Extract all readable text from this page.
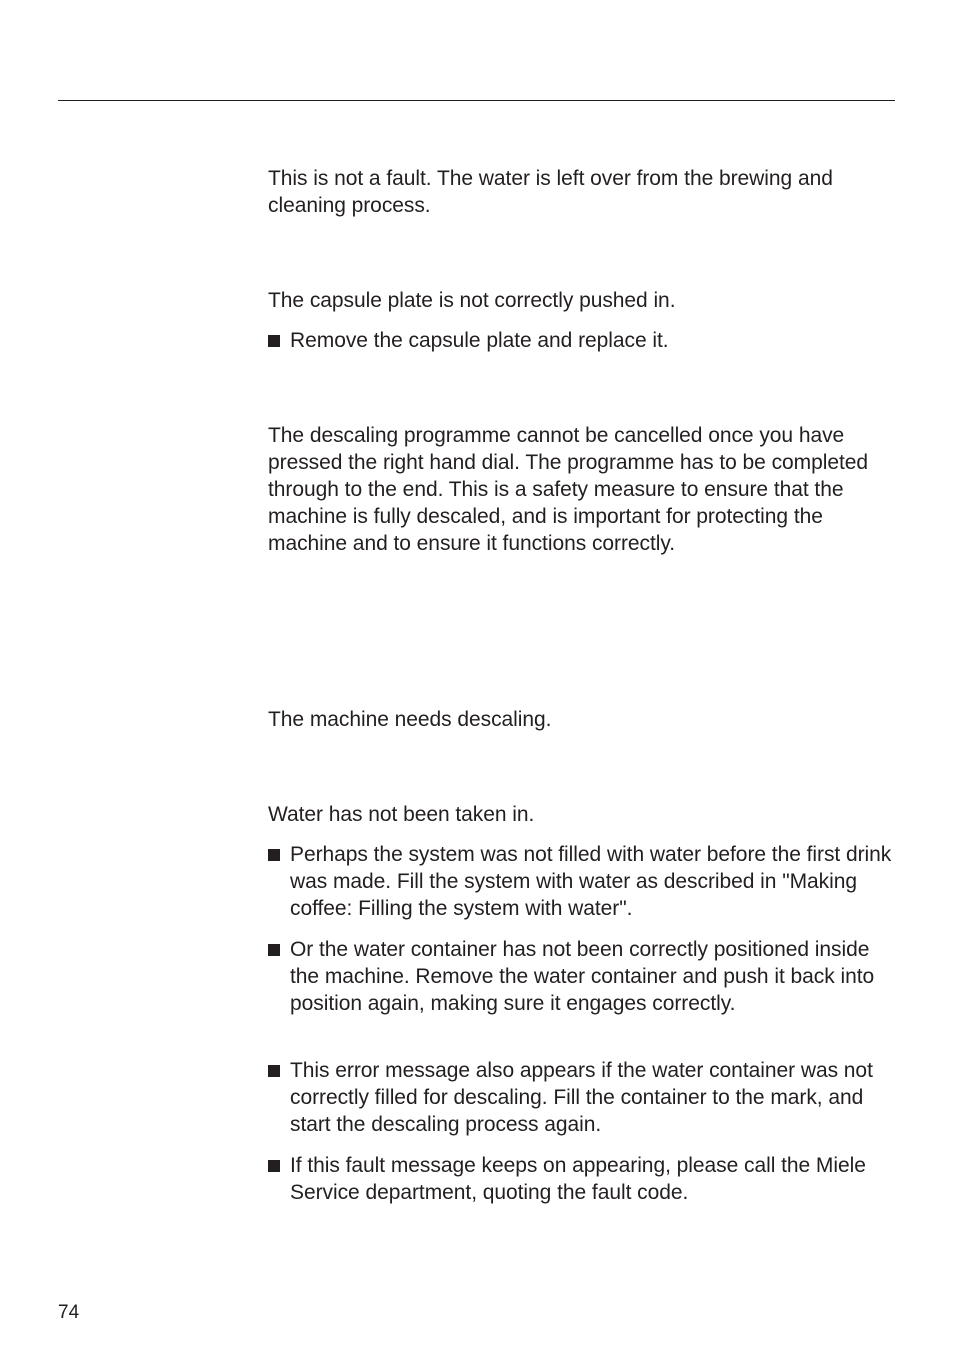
This is not a fault. The water is left over from the brewing and cleaning process.

The capsule plate is not correctly pushed in.

Remove the capsule plate and replace it.

The descaling programme cannot be cancelled once you have pressed the right hand dial. The programme has to be completed through to the end. This is a safety measure to ensure that the machine is fully descaled, and is important for protecting the machine and to ensure it functions correctly.

The machine needs descaling.

Water has not been taken in.

Perhaps the system was not filled with water before the first drink was made. Fill the system with water as described in "Making coffee: Filling the system with water".
Or the water container has not been correctly positioned inside the machine. Remove the water container and push it back into position again, making sure it engages correctly.
This error message also appears if the water container was not correctly filled for descaling. Fill the container to the mark, and start the descaling process again.
If this fault message keeps on appearing, please call the Miele Service department, quoting the fault code.
74
